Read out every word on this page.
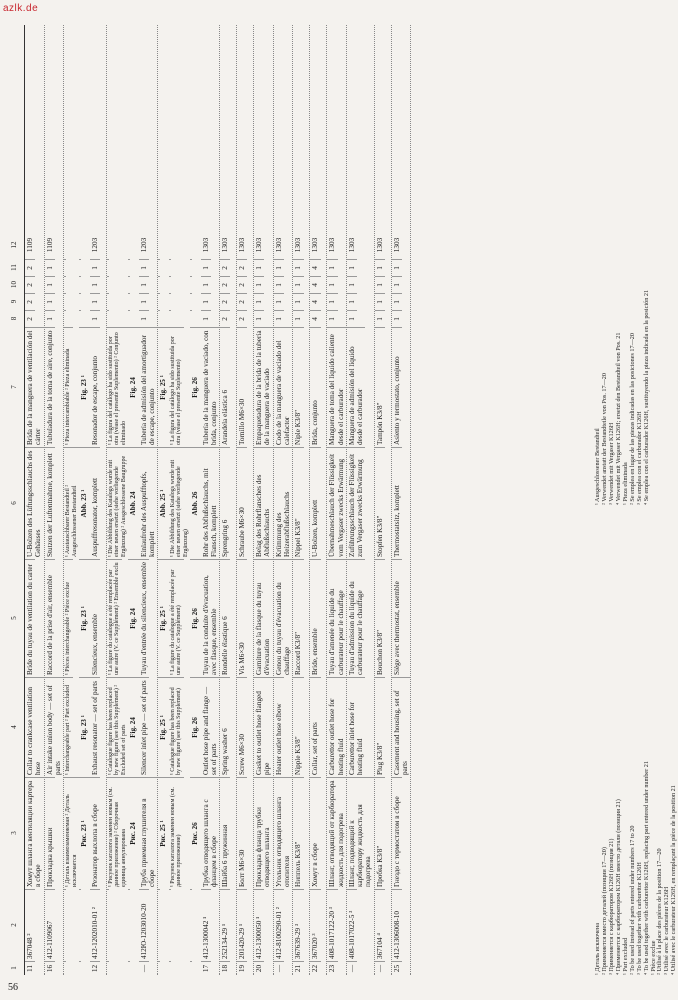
azlk.de
56
1
2
3
4
5
6
7
8
9
10
11
12
11
367048 ²
Хомут шланга вентиляции картера в сборе
Collar to crankcase ventilation hose
Bride du tuyau de ventilation du carter
U-Bolzen des Lüftungsschlauchs des Gehäuses
Brida de la manguera de ventilación del cárter
2
2
2
2
1109
16
412-1109067
Прокладка крышки
Air intake union body — set of parts
Raccord de la prise d'air, ensemble
Stutzen der Luftentnahme, komplett
Tubuladura de la toma de aire, conjunto
1
1
1
1
1109
¹ Деталь взаимозаменяемая ² Деталь исключается
¹ Interchangeable part ² Part excluded
¹ Pièces interchangeable ² Pièce exclue
¹ Austauschbarer Bestandteil ² Ausgeschlossener Bestandteil
¹ Pieza intercambiable ² Pieza eliminada
Рис. 23 ¹
Fig. 23 ¹
Fig. 23 ¹
Abb. 23 ¹
Fig. 23 ¹
12
412-1202010-01 ²
Резонатор выхлопа в сборе
Exhaust resonator — set of parts
Silencieux, ensemble
Auspuffresonator, komplett
Resonador de escape, conjunto
1
1
1
1
1203
¹ Рисунок каталога заменен новым (см. данное приложение) ² Сборочная единица аннулирована
¹ Catalogue figure has been replaced by new figure (see this Supplement) ² Excluded set of parts
¹ La figure du catalogue a été remplacée par une autre (V. ce Supplément) ² Ensemble exclu
¹ Die Abbildung des Katalogs wurde mit einer neuen ersetzt (siehe vorliegende Ergänzung) ² Ausgeschlossene Baugruppe
¹ La figura del catálogo ha sido sustituida por otra (véase el presente Suplemento) ² Conjunto eliminado
Рис. 24
Fig. 24
Fig. 24
Abb. 24
Fig. 24
—
412Ю-1203010-20
Труба приемная глушителя в сборе
Silencer inlet pipe — set of parts
Tuyau d'entrée du silencieux, ensemble
Einlaufrohr des Auspufftopfs, komplett
Tubería de admisión del amortiguador de escape, conjunto
1
1
1
1
1203
Рис. 25 ¹
Fig. 25 ¹
Fig. 25 ¹
Abb. 25 ¹
Fig. 25 ¹
¹ Рисунок каталога заменен новым (см. данное приложение)
¹ Catalogue figure has been replaced by new figure (see this Supplement)
¹ La figure du catalogue a été remplacée par une autre (V. ce Supplément)
¹ Die Abbildung des Katalogs wurde mit einer neuen ersetzt (siehe vorliegende Ergänzung)
¹ La figura del catálogo ha sido sustituida por otra (véase el presente Suplemento)
Рис. 26
Fig. 26
Fig. 26
Abb. 26
Fig. 26
17
412-1300042 ¹
Трубка отводящего шланга с фланцем в сборе
Outlet hose pipe and flange — set of parts
Tuyau de la conduite d'évacuation, avec flasque, ensemble
Rohr des Abflußschlauchs, mit Flansch, komplett
Tubería de la manguera de vaciado, con brida, conjunto
1
1
1
1
1303
18
252134-29 ¹
Шайба 6 пружинная
Spring washer 6
Rondelle élastique 6
Sprengring 6
Arandela elástica 6
2
2
2
2
1303
19
201420-29 ¹
Болт М6×30
Screw M6×30
Vis M6×30
Schraube M6×30
Tornillo M6×30
2
2
2
2
1303
20
412-1300050 ¹
Прокладка фланца трубки отводящего шланга
Gasket to outlet hose flanged pipe
Garniture de la flasque du tuyau d'évacuation
Belag des Rohrflansches des Abflußschlauchs
Empaquetadura de la brida de la tubería de la manguera de vaciado
1
1
1
1
1303
—
412-8100290-01 ²
Угольник отводящего шланга отопителя
Heater outlet hose elbow
Genou du tuyau d'évacuation du chauffage
Krümmung des Heizerabflußschlauchs
Codo de la manguera de vaciado del calefactor
1
1
1
1
1303
21
367639-29 ³
Ниппель К3/8"
Nipple K3/8"
Raccord K3/8"
Nippel K3/8"
Niple K3/8"
1
1
1
1
1303
22
367020 ³
Хомут в сборе
Collar, set of parts
Bride, ensemble
U-Bolzen, komplett
Brida, conjunto
4
4
4
4
1303
23
408-1017122-20 ³
Шланг, отводящий от карбюратора жидкость для подогрева
Carburettor outlet hose for heating fluid
Tuyau d'amenée du liquide du carburateur pour le chauffage
Übernahmeschlauch der Flüssigkeit vom Vergaser zwecks Erwärmung
Manguera de toma del líquido caliente desde el carburador
1
1
1
1
1303
—
408-1017022-5 ³
Шланг, подводящий к карбюратору жидкость для подогрева
Carburettor inlet hose for heating fluid
Tuyau d'admission du liquide du carburateur pour le chauffage
Zuführungsschlauch der Flüssigkeit zum Vergaser zwecks Erwärmung
Manguera de admisión del líquido desde el carburador
1
1
1
1
1303
—
367104 ⁴
Пробка К3/8"
Plug K3/8"
Bouchon K3/8"
Stopfen K3/8"
Tampón K3/8"
1
1
1
1
1303
25
412-1306008-10
Гнездо с термостатом в сборе
Casement and housing, set of parts
Siège avec thermostat, ensemble
Thermostatsitz, komplett
Asiento y termostato, conjunto
1
1
1
1
1303
¹ Деталь исключена ² Применяется вместо деталей (позиции 17—20) ³ Применяется с карбюратором К126Н (позиция 21) ⁴ Применяется с карбюратором К126Н вместо детали (позиция 21) ¹ Part excluded ² To be used instead of parts entered under numbers 17 to 20 ³ To be used together with carburettor K126H ⁴ To be used together with carburettor K126H, replacing part entered under number 21 ¹ Pièce exclue ² Utilisé à la place des pièces de la position 17—20 ³ Utilisé avec le carburateur K126H ⁴ Utilisé avec le carburateur K126H, en remplaçant la pièce de la position 21
¹ Ausgeschlossener Bestandteil ² Verwendet anstatt der Bestandteile von Pos. 17—20 ³ Verwendet mit Vergaser K126H ⁴ Verwendet mit Vergaser K126H; ersetzt den Bestandteil von Pos. 21 ¹ Pieza eliminada ² Se emplea en lugar de las piezas indicadas en las posiciones 17—20 ³ Se emplea con el carburador K126H ⁴ Se emplea con el carburador K126H, sustituyendo la pieza indicada en la posición 21
